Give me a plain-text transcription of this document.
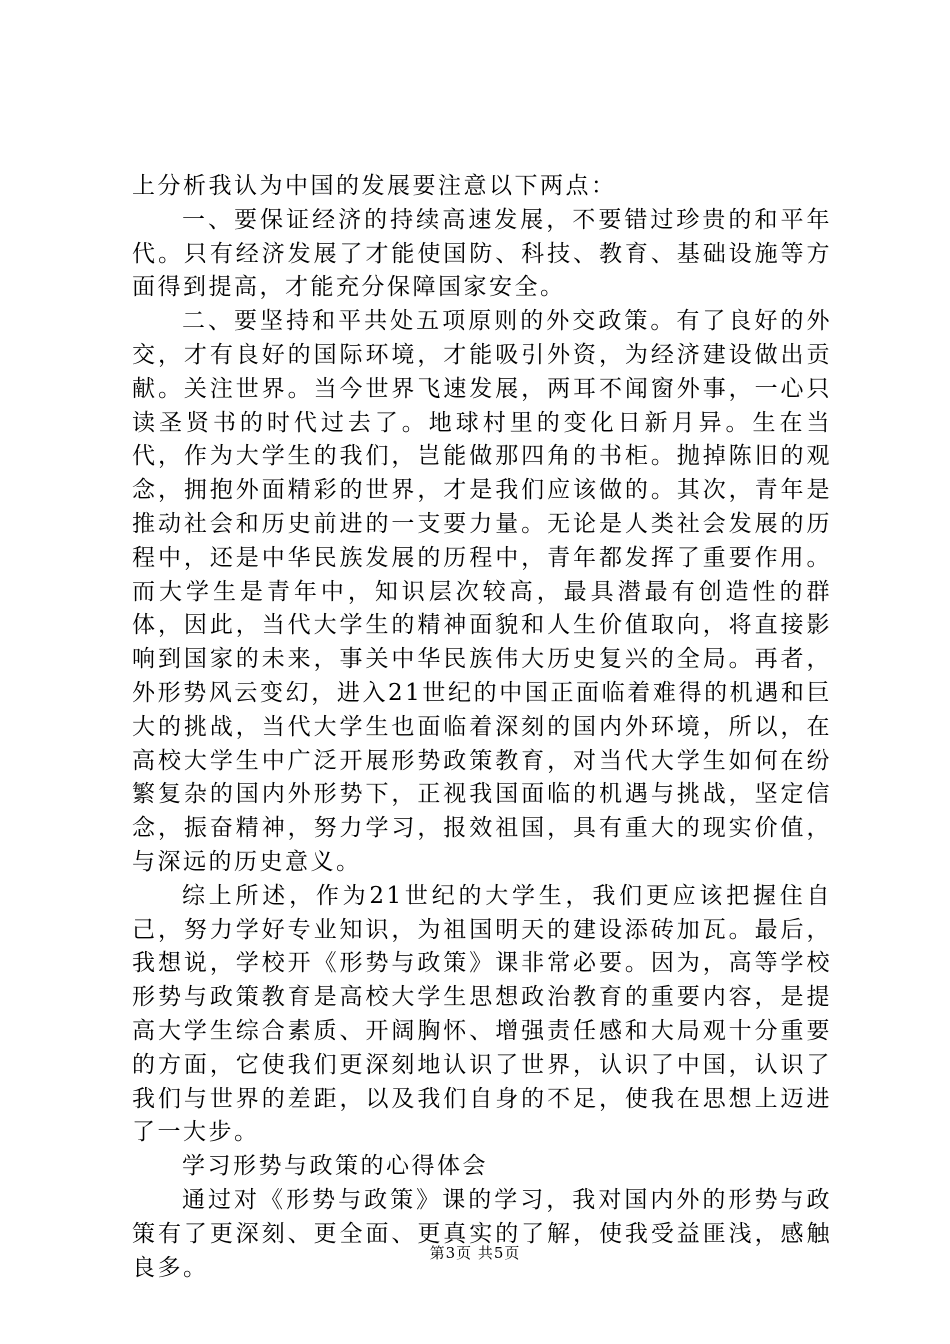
上分析我认为中国的发展要注意以下两点：

一、要保证经济的持续高速发展，不要错过珍贵的和平年代。只有经济发展了才能使国防、科技、教育、基础设施等方面得到提高，才能充分保障国家安全。

二、要坚持和平共处五项原则的外交政策。有了良好的外交，才有良好的国际环境，才能吸引外资，为经济建设做出贡献。关注世界。当今世界飞速发展，两耳不闻窗外事，一心只读圣贤书的时代过去了。地球村里的变化日新月异。生在当代，作为大学生的我们，岂能做那四角的书柜。抛掉陈旧的观念，拥抱外面精彩的世界，才是我们应该做的。其次，青年是推动社会和历史前进的一支要力量。无论是人类社会发展的历程中，还是中华民族发展的历程中，青年都发挥了重要作用。而大学生是青年中，知识层次较高，最具潜最有创造性的群体，因此，当代大学生的精神面貌和人生价值取向，将直接影响到国家的未来，事关中华民族伟大历史复兴的全局。再者，外形势风云变幻，进入21世纪的中国正面临着难得的机遇和巨大的挑战，当代大学生也面临着深刻的国内外环境，所以，在高校大学生中广泛开展形势政策教育，对当代大学生如何在纷繁复杂的国内外形势下，正视我国面临的机遇与挑战，坚定信念，振奋精神，努力学习，报效祖国，具有重大的现实价值，与深远的历史意义。

综上所述，作为21世纪的大学生，我们更应该把握住自己，努力学好专业知识，为祖国明天的建设添砖加瓦。最后，我想说，学校开《形势与政策》课非常必要。因为，高等学校形势与政策教育是高校大学生思想政治教育的重要内容，是提高大学生综合素质、开阔胸怀、增强责任感和大局观十分重要的方面，它使我们更深刻地认识了世界，认识了中国，认识了我们与世界的差距，以及我们自身的不足，使我在思想上迈进了一大步。

学习形势与政策的心得体会

通过对《形势与政策》课的学习，我对国内外的形势与政策有了更深刻、更全面、更真实的了解，使我受益匪浅，感触良多。

第3页 共5页
